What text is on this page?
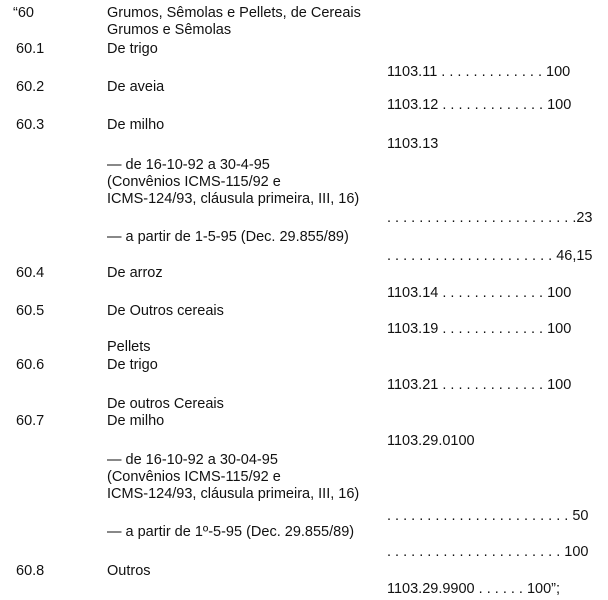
“60	Grumos, Sêmolas e Pellets, de Cereais
Grumos e Sêmolas
60.1	De trigo
1103.11 . . . . . . . . . . . . . 100
60.2	De aveia
1103.12 . . . . . . . . . . . . . 100
60.3	De milho
1103.13
— de 16-10-92 a 30-4-95
(Convênios ICMS-115/92 e
ICMS-124/93, cláusula primeira, III, 16)
. . . . . . . . . . . . . . . . . . . . . . . .23
— a partir de 1-5-95 (Dec. 29.855/89)
. . . . . . . . . . . . . . . . . . . . . 46,15
60.4	De arroz
1103.14 . . . . . . . . . . . . . 100
60.5	De Outros cereais
1103.19 . . . . . . . . . . . . . 100
Pellets
60.6	De trigo
1103.21 . . . . . . . . . . . . . 100
De outros Cereais
60.7	De milho
1103.29.0100
— de 16-10-92 a 30-04-95
(Convênios ICMS-115/92 e
ICMS-124/93, cláusula primeira, III, 16)
. . . . . . . . . . . . . . . . . . . . . . . 50
— a partir de 1º-5-95 (Dec. 29.855/89)
. . . . . . . . . . . . . . . . . . . . . . 100
60.8	Outros
1103.29.9900 . . . . . . 100”;
